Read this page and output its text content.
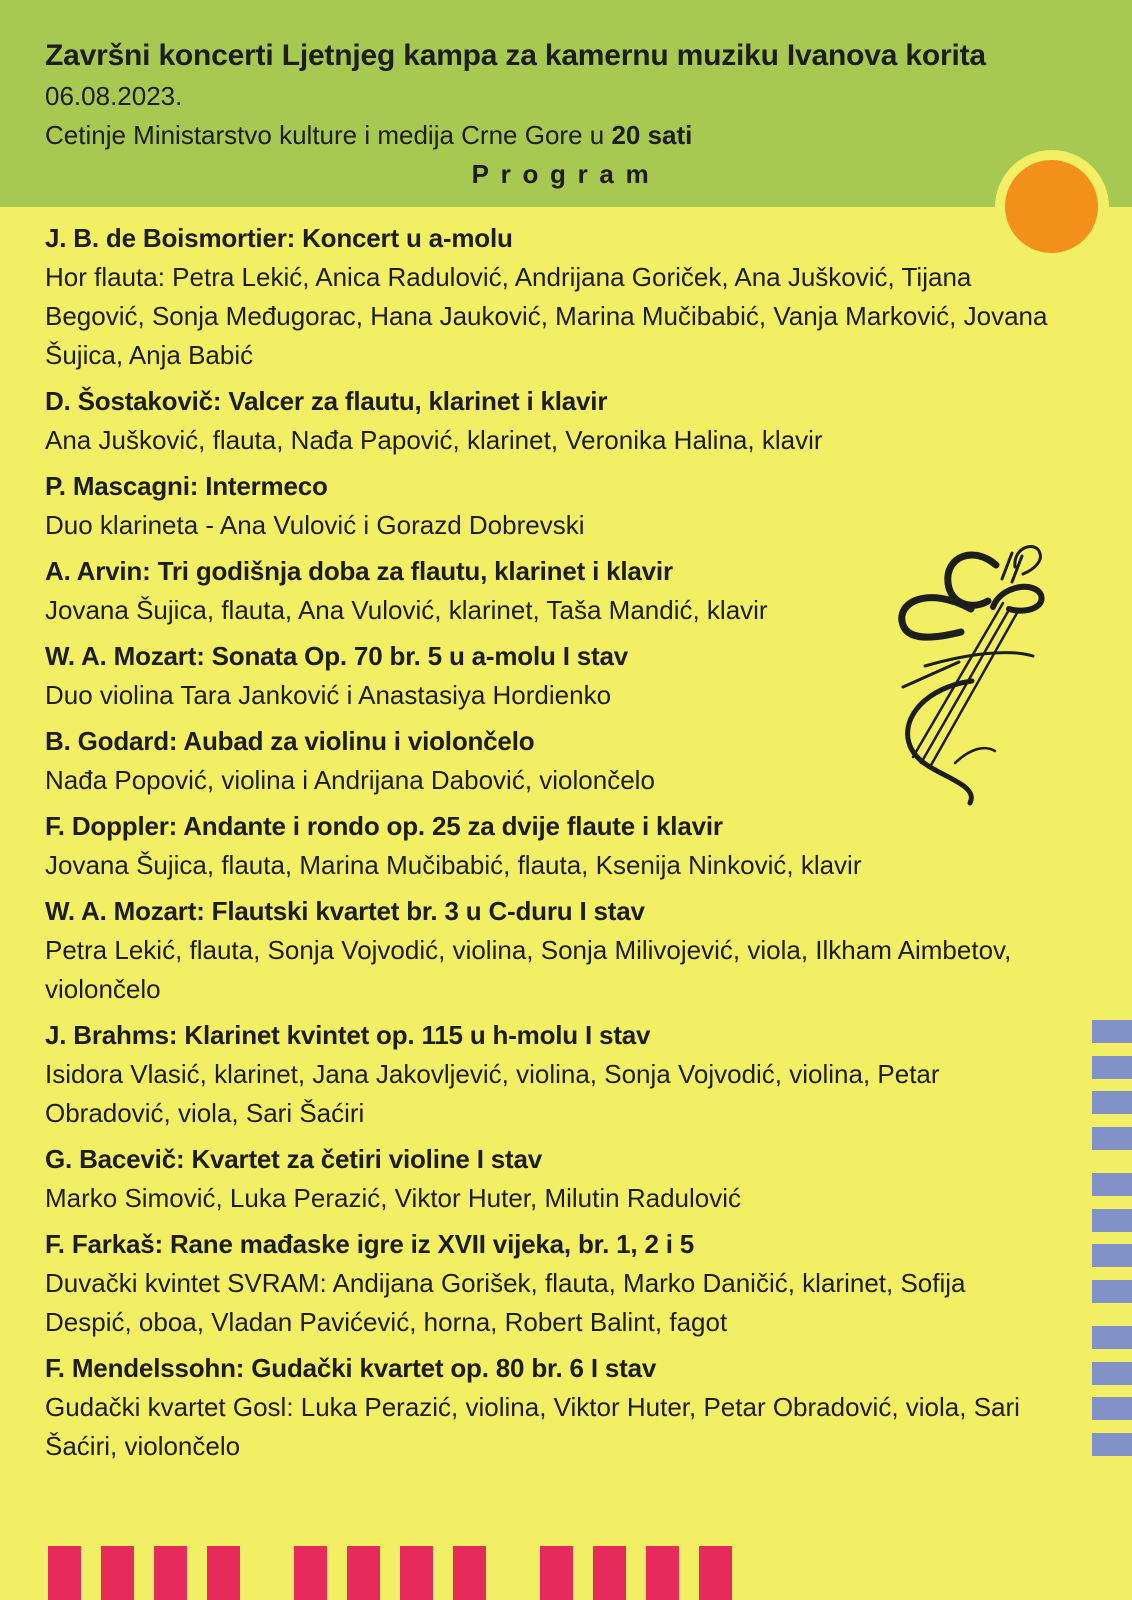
Završni koncerti Ljetnjeg kampa za kamernu muziku Ivanova korita
06.08.2023.
Cetinje Ministarstvo kulture i medija Crne Gore u 20 sati
Program
J. B. de Boismortier: Koncert u a-molu

Hor flauta: Petra Lekić, Anica Radulović, Andrijana Goriček, Ana Jušković, Tijana Begović, Sonja Međugorac, Hana Jauković, Marina Mučibabić, Vanja Marković, Jovana Šujica, Anja Babić

D. Šostakovič: Valcer za flautu, klarinet i klavir

Ana Jušković, flauta, Nađa Papović, klarinet, Veronika Halina, klavir

P. Mascagni: Intermeco

Duo klarineta - Ana Vulović i Gorazd Dobrevski

A. Arvin: Tri godišnja doba za flautu, klarinet i klavir

Jovana Šujica, flauta, Ana Vulović, klarinet, Taša Mandić, klavir

W. A. Mozart: Sonata Op. 70 br. 5 u a-molu I stav

Duo violina Tara Janković i Anastasiya Hordienko

B. Godard: Aubad za violinu i violončelo

Nađa Popović, violina i Andrijana Dabović, violončelo

F. Doppler: Andante i rondo op. 25 za dvije flaute i klavir

Jovana Šujica, flauta, Marina Mučibabić, flauta, Ksenija Ninković, klavir

W. A. Mozart: Flautski kvartet br. 3 u C-duru I stav

Petra Lekić, flauta, Sonja Vojvodić, violina, Sonja Milivojević, viola, Ilkham Aimbetov, violončelo

J. Brahms: Klarinet kvintet op. 115 u h-molu I stav

Isidora Vlasić, klarinet, Jana Jakovljević, violina, Sonja Vojvodić, violina, Petar Obradović, viola, Sari Šaćiri

G. Bacevič: Kvartet za četiri violine I stav

Marko Simović, Luka Perazić, Viktor Huter, Milutin Radulović

F. Farkaš: Rane mađaske igre iz XVII vijeka, br. 1, 2 i 5

Duvački kvintet SVRAM: Andijana Gorišek, flauta, Marko Daničić, klarinet, Sofija Despić, oboa, Vladan Pavićević, horna, Robert Balint, fagot

F. Mendelssohn: Gudački kvartet op. 80 br. 6 I stav

Gudački kvartet Gosl: Luka Perazić, violina, Viktor Huter, Petar Obradović, viola, Sari Šaćiri, violončelo
